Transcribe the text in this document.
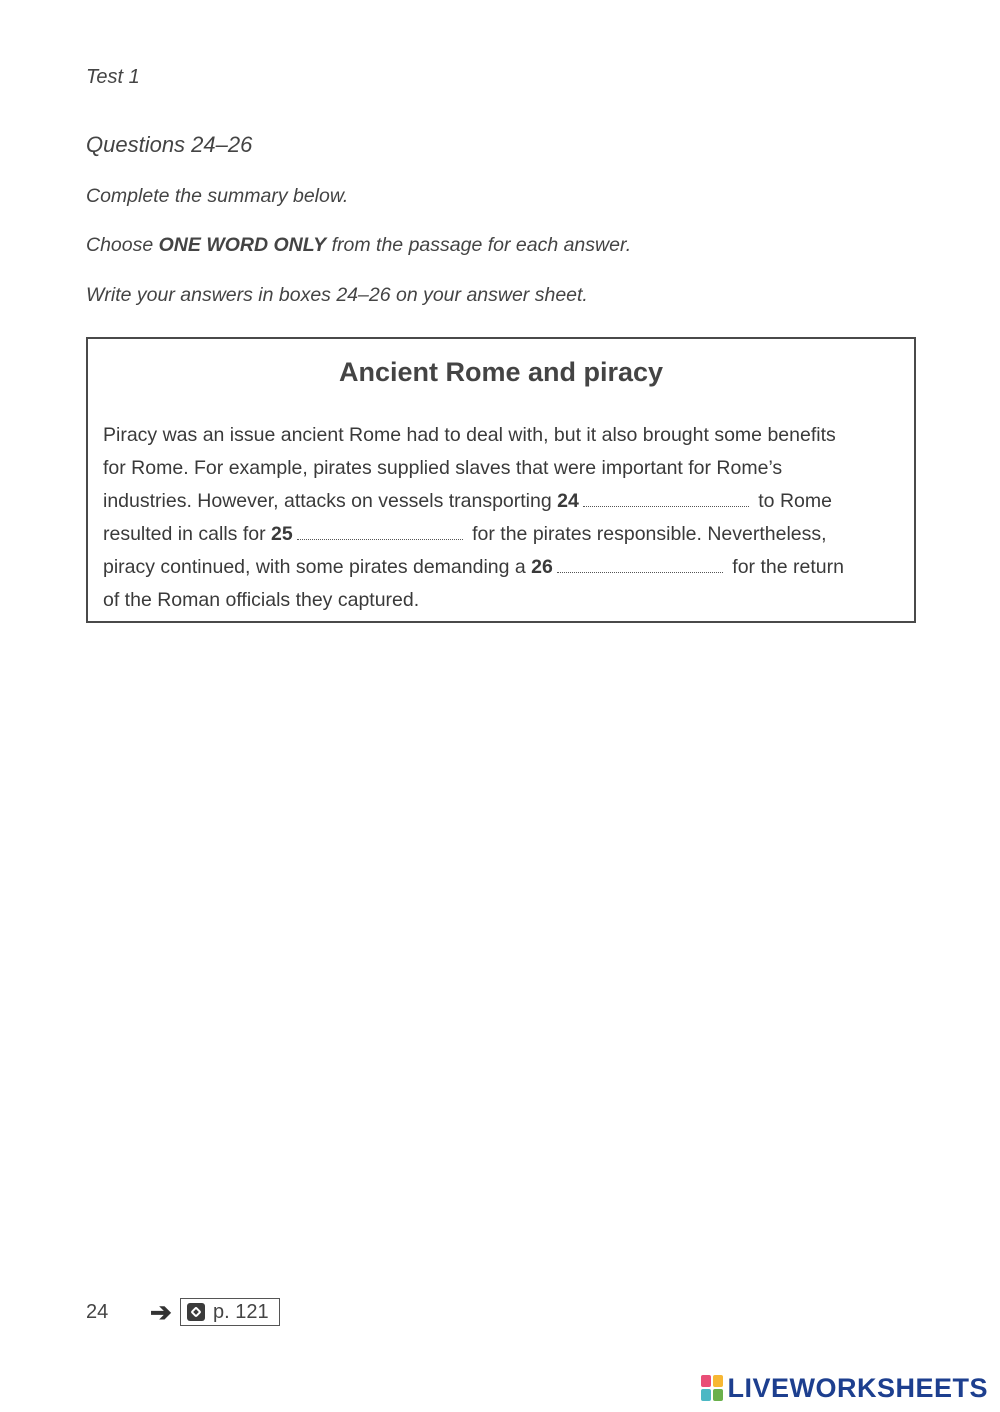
Test 1
Questions 24–26
Complete the summary below.
Choose ONE WORD ONLY from the passage for each answer.
Write your answers in boxes 24–26 on your answer sheet.
Ancient Rome and piracy
Piracy was an issue ancient Rome had to deal with, but it also brought some benefits
for Rome. For example, pirates supplied slaves that were important for Rome’s
industries. However, attacks on vessels transporting 24	to Rome
resulted in calls for 25	for the pirates responsible. Nevertheless,
piracy continued, with some pirates demanding a 26	for the return
of the Roman officials they captured.
24 ➔ p. 121
LIVEWORKSHEETS
